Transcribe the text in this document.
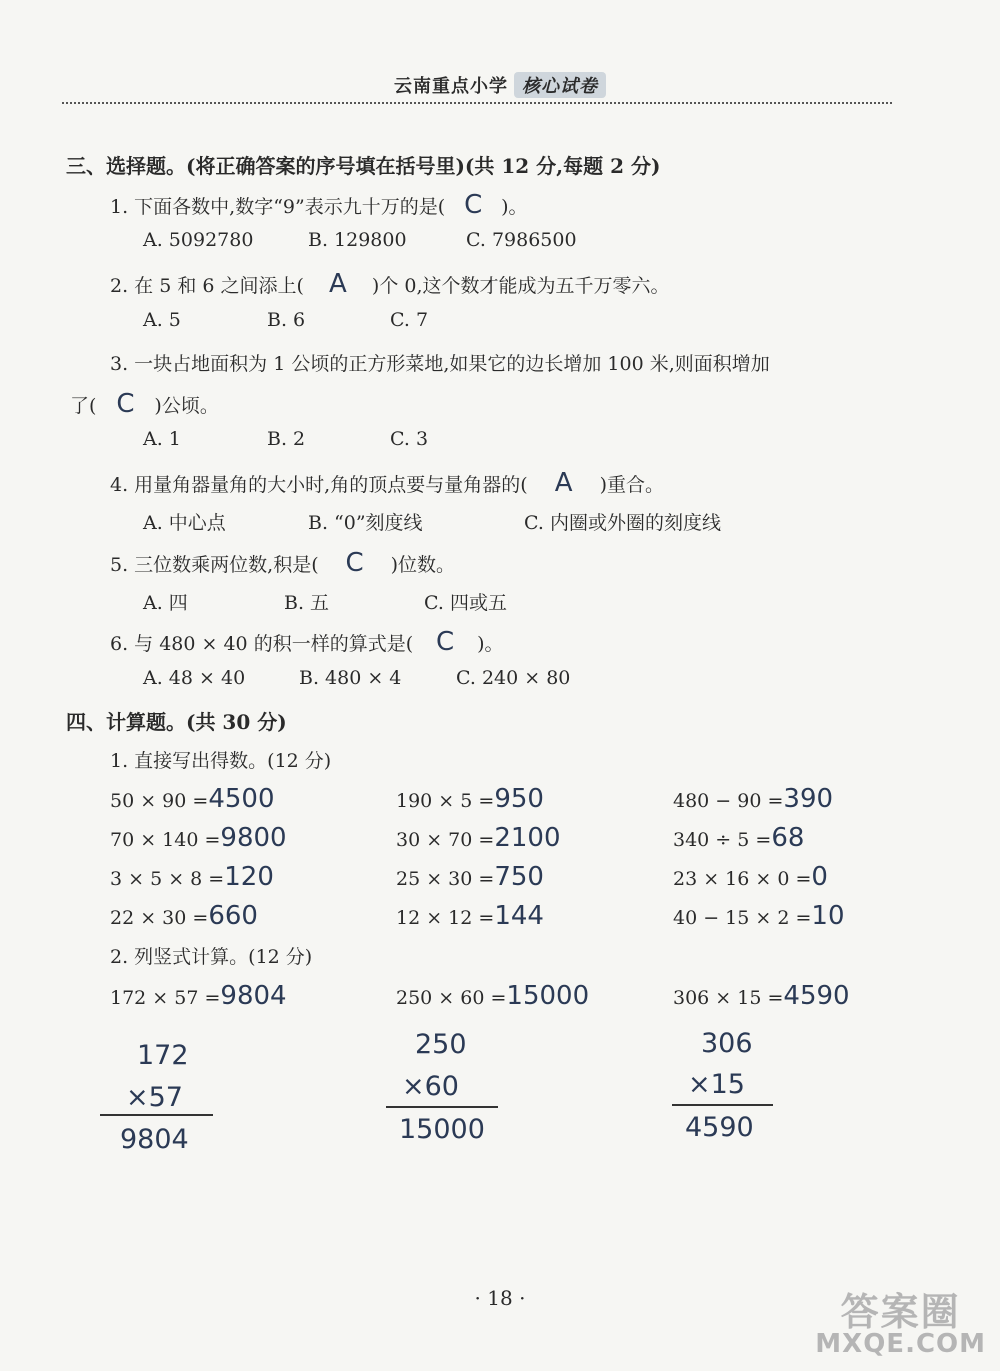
云南重点小学 核心试卷
三、选择题。(将正确答案的序号填在括号里)(共 12 分,每题 2 分)
1. 下面各数中,数字“9”表示九十万的是( C )。
A. 5092780	B. 129800	C. 7986500
2. 在 5 和 6 之间添上( A )个 0,这个数才能成为五千万零六。
A. 5	B. 6	C. 7
3. 一块占地面积为 1 公顷的正方形菜地,如果它的边长增加 100 米,则面积增加
了( C )公顷。
A. 1	B. 2	C. 3
4. 用量角器量角的大小时,角的顶点要与量角器的( A )重合。
A. 中心点	B. “0”刻度线	C. 内圈或外圈的刻度线
5. 三位数乘两位数,积是( C )位数。
A. 四	B. 五	C. 四或五
6. 与 480 × 40 的积一样的算式是( C )。
A. 48 × 40	B. 480 × 4	C. 240 × 80
四、计算题。(共 30 分)
1. 直接写出得数。(12 分)
50 × 90 =4500	190 × 5 =950	480 − 90 =390
70 × 140 =9800	30 × 70 =2100	340 ÷ 5 =68
3 × 5 × 8 =120	25 × 30 =750	23 × 16 × 0 =0
22 × 30 =660	12 × 12 =144	40 − 15 × 2 =10
2. 列竖式计算。(12 分)
172 × 57 =9804	250 × 60 =15000	306 × 15 =4590
172
×57
9804
250
×60
15000
306
×15
4590
· 18 ·	答案圈
MXQE.COM
